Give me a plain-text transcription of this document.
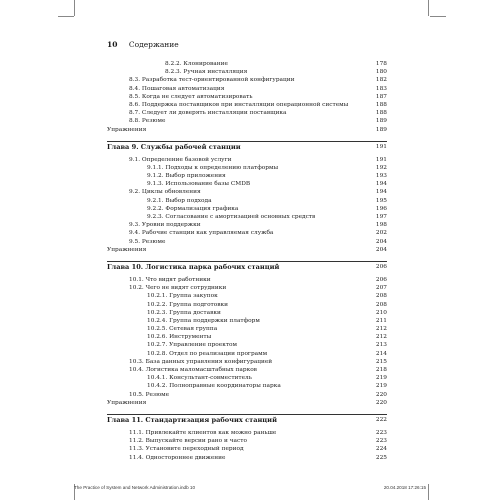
10 Содержание
8.2.2. Клонирование	178
8.2.3. Ручная инсталляция	180
8.3. Разработка тест-ориентированной конфигурации	182
8.4. Пошаговая автоматизация	183
8.5. Когда не следует автоматизировать	187
8.6. Поддержка поставщиков при инсталляции операционной системы	188
8.7. Следует ли доверять инсталляции поставщика	188
8.8. Резюме	189
Упражнения	189
Глава 9. Службы рабочей станции	191
9.1. Определение базовой услуги	191
9.1.1. Подходы к определению платформы	192
9.1.2. Выбор приложения	193
9.1.3. Использование базы CMDB	194
9.2. Циклы обновления	194
9.2.1. Выбор подхода	195
9.2.2. Формализация графика	196
9.2.3. Согласование с амортизацией основных средств	197
9.3. Уровни поддержки	198
9.4. Рабочие станции как управляемая служба	202
9.5. Резюме	204
Упражнения	204
Глава 10. Логистика парка рабочих станций	206
10.1. Что видят работники	206
10.2. Чего не видят сотрудники	207
10.2.1. Группа закупок	208
10.2.2. Группа подготовки	208
10.2.3. Группа доставки	210
10.2.4. Группа поддержки платформ	211
10.2.5. Сетевая группа	212
10.2.6. Инструменты	212
10.2.7. Управление проектом	213
10.2.8. Отдел по реализации программ	214
10.3. База данных управления конфигурацией	215
10.4. Логистика маломасштабных парков	218
10.4.1. Консультант-совместитель	219
10.4.2. Полноправные координаторы парка	219
10.5. Резюме	220
Упражнения	220
Глава 11. Стандартизация рабочих станций	222
11.1. Привлекайте клиентов как можно раньше	223
11.2. Выпускайте версии рано и часто	223
11.3. Установите переходный период	224
11.4. Одностороннее движение	225
The Practice of System and Network Administration.indb 10	20.04.2018 17:26:15
